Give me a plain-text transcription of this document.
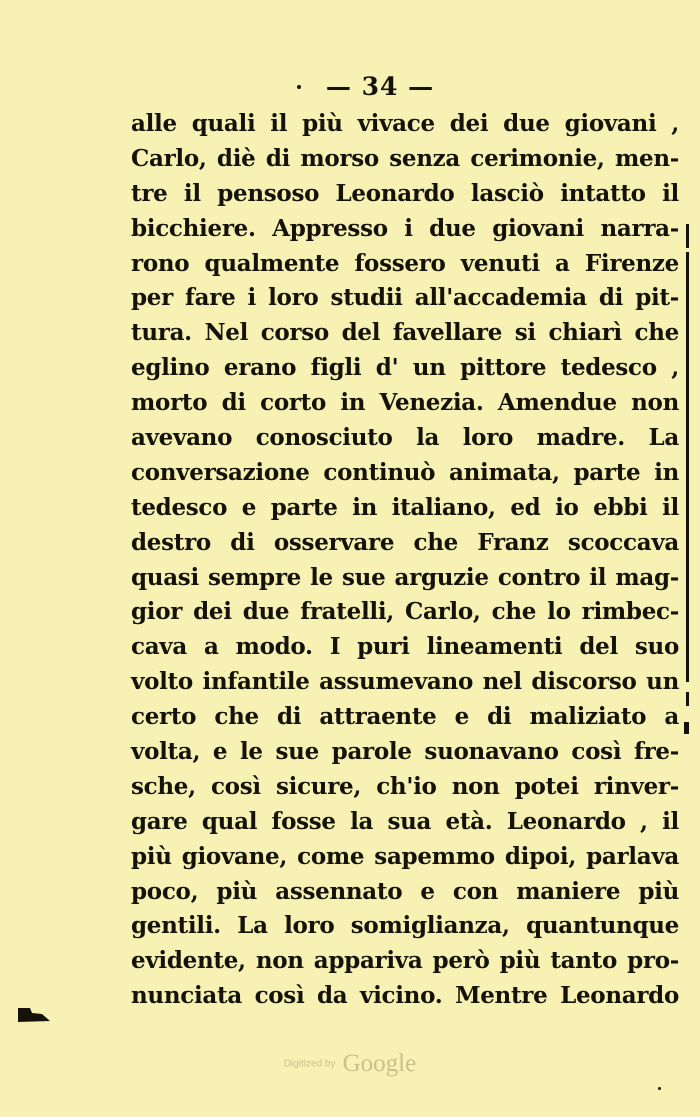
— 34 —
alle quali il più vivace dei due giovani ,
Carlo, diè di morso senza cerimonie, men-
tre il pensoso Leonardo lasciò intatto il
bicchiere. Appresso i due giovani narra-
rono qualmente fossero venuti a Firenze
per fare i loro studii all'accademia di pit-
tura. Nel corso del favellare si chiarì che
eglino erano figli d' un pittore tedesco ,
morto di corto in Venezia. Amendue non
avevano conosciuto la loro madre. La
conversazione continuò animata, parte in
tedesco e parte in italiano, ed io ebbi il
destro di osservare che Franz scoccava
quasi sempre le sue arguzie contro il mag-
gior dei due fratelli, Carlo, che lo rimbec-
cava a modo. I puri lineamenti del suo
volto infantile assumevano nel discorso un
certo che di attraente e di maliziato a
volta, e le sue parole suonavano così fre-
sche, così sicure, ch'io non potei rinver-
gare qual fosse la sua età. Leonardo , il
più giovane, come sapemmo dipoi, parlava
poco, più assennato e con maniere più
gentili. La loro somiglianza, quantunque
evidente, non appariva però più tanto pro-
nunciata così da vicino. Mentre Leonardo
Digitized by Google
